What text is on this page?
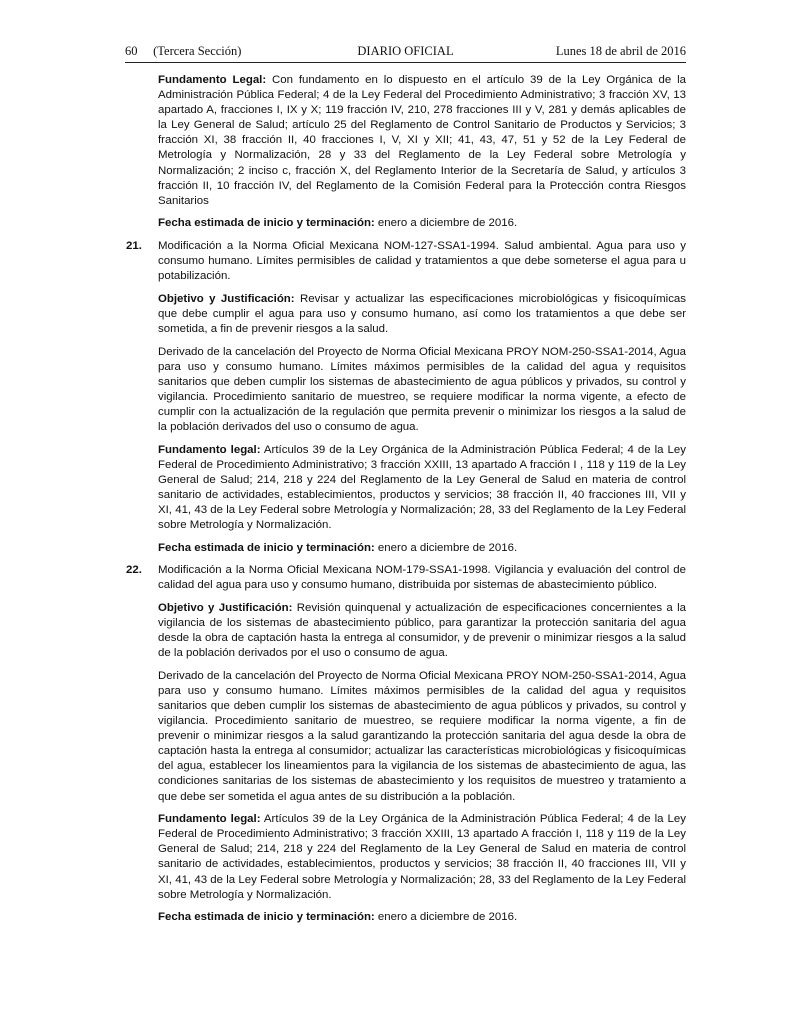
60     (Tercera Sección)	DIARIO OFICIAL	Lunes 18 de abril de 2016

Fundamento Legal: Con fundamento en lo dispuesto en el artículo 39 de la Ley Orgánica de la Administración Pública Federal; 4 de la Ley Federal del Procedimiento Administrativo; 3 fracción XV, 13 apartado A, fracciones I, IX y X; 119 fracción IV, 210, 278 fracciones III y V, 281 y demás aplicables de la Ley General de Salud; artículo 25 del Reglamento de Control Sanitario de Productos y Servicios; 3 fracción XI, 38 fracción II, 40 fracciones I, V, XI y XII; 41, 43, 47, 51 y 52 de la Ley Federal de Metrología y Normalización, 28 y 33 del Reglamento de la Ley Federal sobre Metrología y Normalización; 2 inciso c, fracción X, del Reglamento Interior de la Secretaría de Salud, y artículos 3 fracción II, 10 fracción IV, del Reglamento de la Comisión Federal para la Protección contra Riesgos Sanitarios

Fecha estimada de inicio y terminación: enero a diciembre de 2016.

21. Modificación a la Norma Oficial Mexicana NOM-127-SSA1-1994. Salud ambiental. Agua para uso y consumo humano. Límites permisibles de calidad y tratamientos a que debe someterse el agua para u potabilización.

Objetivo y Justificación: Revisar y actualizar las especificaciones microbiológicas y fisicoquímicas que debe cumplir el agua para uso y consumo humano, así como los tratamientos a que debe ser sometida, a fin de prevenir riesgos a la salud.

Derivado de la cancelación del Proyecto de Norma Oficial Mexicana PROY NOM-250-SSA1-2014, Agua para uso y consumo humano. Límites máximos permisibles de la calidad del agua y requisitos sanitarios que deben cumplir los sistemas de abastecimiento de agua públicos y privados, su control y vigilancia. Procedimiento sanitario de muestreo, se requiere modificar la norma vigente, a efecto de cumplir con la actualización de la regulación que permita prevenir o minimizar los riesgos a la salud de la población derivados del uso o consumo de agua.

Fundamento legal: Artículos 39 de la Ley Orgánica de la Administración Pública Federal; 4 de la Ley Federal de Procedimiento Administrativo; 3 fracción XXIII, 13 apartado A fracción I , 118 y 119 de la Ley General de Salud; 214, 218 y 224 del Reglamento de la Ley General de Salud en materia de control sanitario de actividades, establecimientos, productos y servicios; 38 fracción II, 40 fracciones III, VII y XI, 41, 43 de la Ley Federal sobre Metrología y Normalización; 28, 33 del Reglamento de la Ley Federal sobre Metrología y Normalización.

Fecha estimada de inicio y terminación: enero a diciembre de 2016.

22. Modificación a la Norma Oficial Mexicana NOM-179-SSA1-1998. Vigilancia y evaluación del control de calidad del agua para uso y consumo humano, distribuida por sistemas de abastecimiento público.

Objetivo y Justificación: Revisión quinquenal y actualización de especificaciones concernientes a la vigilancia de los sistemas de abastecimiento público, para garantizar la protección sanitaria del agua desde la obra de captación hasta la entrega al consumidor, y de prevenir o minimizar riesgos a la salud de la población derivados por el uso o consumo de agua.

Derivado de la cancelación del Proyecto de Norma Oficial Mexicana PROY NOM-250-SSA1-2014, Agua para uso y consumo humano. Límites máximos permisibles de la calidad del agua y requisitos sanitarios que deben cumplir los sistemas de abastecimiento de agua públicos y privados, su control y vigilancia. Procedimiento sanitario de muestreo, se requiere modificar la norma vigente, a fin de prevenir o minimizar riesgos a la salud garantizando la protección sanitaria del agua desde la obra de captación hasta la entrega al consumidor; actualizar las características microbiológicas y fisicoquímicas del agua, establecer los lineamientos para la vigilancia de los sistemas de abastecimiento de agua, las condiciones sanitarias de los sistemas de abastecimiento y los requisitos de muestreo y tratamiento a que debe ser sometida el agua antes de su distribución a la población.

Fundamento legal: Artículos 39 de la Ley Orgánica de la Administración Pública Federal; 4 de la Ley Federal de Procedimiento Administrativo; 3 fracción XXIII, 13 apartado A fracción I, 118 y 119 de la Ley General de Salud; 214, 218 y 224 del Reglamento de la Ley General de Salud en materia de control sanitario de actividades, establecimientos, productos y servicios; 38 fracción II, 40 fracciones III, VII y XI, 41, 43 de la Ley Federal sobre Metrología y Normalización; 28, 33 del Reglamento de la Ley Federal sobre Metrología y Normalización.

Fecha estimada de inicio y terminación: enero a diciembre de 2016.
